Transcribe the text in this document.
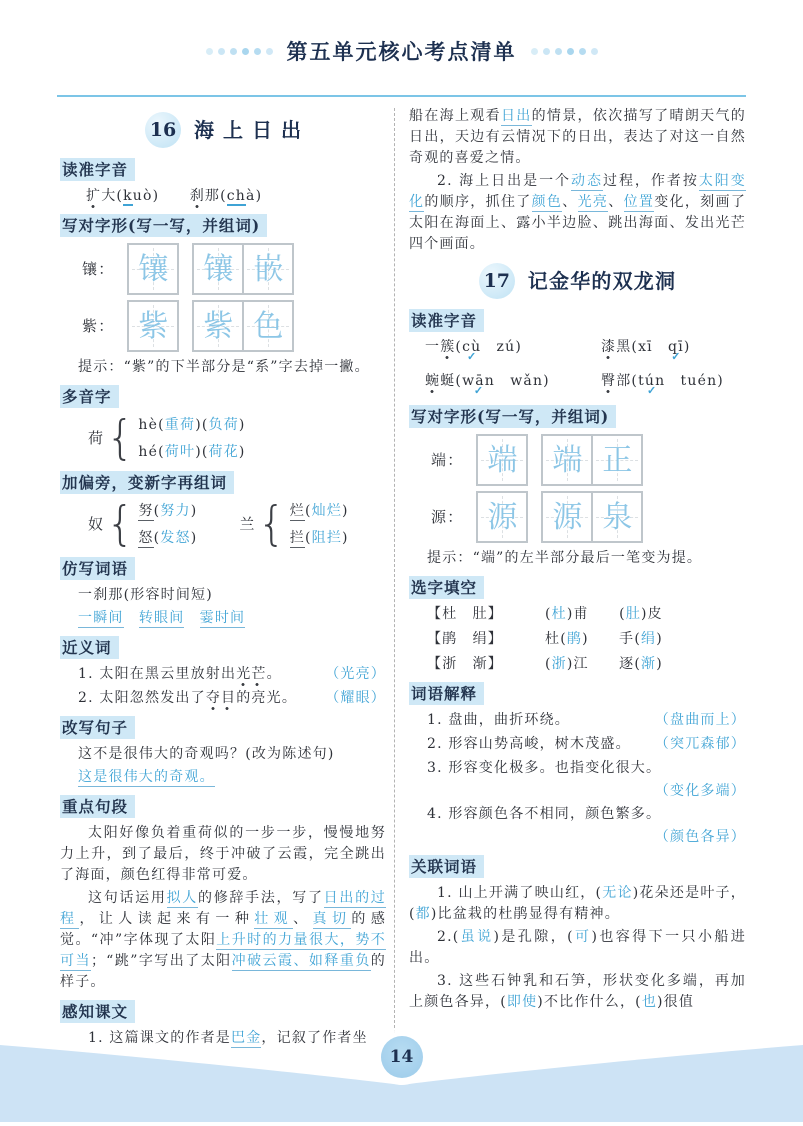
第五单元核心考点清单
16 海上日出
读准字音
扩大(kuò)　　刹那(chà)
写对字形(写一写，并组词)
镶： 镶 镶 嵌
紫： 紫 紫 色
提示：“紫”的下半部分是“系”字去掉一撇。
多音字
荷 { hè(重荷)(负荷)
hé(荷叶)(荷花)
加偏旁，变新字再组词
奴 { 努(努力)
怒(发怒)
兰 { 烂(灿烂)
拦(阻拦)
仿写词语
一刹那(形容时间短)
一瞬间　 转眼间　 霎时间
近义词
1. 太阳在黑云里放射出光芒。	（光亮）
2. 太阳忽然发出了夺目的亮光。 （耀眼）
改写句子
这不是很伟大的奇观吗？(改为陈述句)
这是很伟大的奇观。
重点句段

太阳好像负着重荷似的一步一步，慢慢地努力上升，到了最后，终于冲破了云霞，完全跳出了海面，颜色红得非常可爱。

这句话运用拟人的修辞手法，写了日出的过程，让人读起来有一种壮观、真切的感觉。“冲”字体现了太阳上升时的力量很大，势不可当；“跳”字写出了太阳冲破云霞、如释重负的样子。

感知课文

1. 这篇课文的作者是巴金，记叙了作者坐

船在海上观看日出的情景，依次描写了晴朗天气的日出，天边有云情况下的日出，表达了对这一自然奇观的喜爱之情。

2. 海上日出是一个动态过程，作者按太阳变化的顺序，抓住了颜色、光亮、位置变化，刻画了太阳在海面上、露小半边脸、跳出海面、发出光芒四个画面。

17 记金华的双龙洞
读准字音
一簇(cù ✓　zú)	漆黑(xī　qī ✓)
蜿蜒(wān ✓　wǎn)	臀部(tún ✓　tuén)
写对字形(写一写，并组词)
端： 端 端 正
源： 源 源 泉
提示：“端”的左半部分最后一笔变为提。
选字填空
【杜　肚】	(杜)甫　　(肚)皮
【鹃　绢】	杜(鹃)　　手(绢)
【浙　渐】	(浙)江　　逐(渐)
词语解释
1. 盘曲，曲折环绕。	（盘曲而上）
2. 形容山势高峻，树木茂盛。 （突兀森郁）
3. 形容变化极多。也指变化很大。
（变化多端）
4. 形容颜色各不相同，颜色繁多。
（颜色各异）
关联词语

1. 山上开满了映山红，(无论)花朵还是叶子，(都)比盆栽的杜鹃显得有精神。

2.(虽说)是孔隙，(可)也容得下一只小船进出。

3. 这些石钟乳和石笋，形状变化多端，再加上颜色各异，(即使)不比作什么，(也)很值

14
